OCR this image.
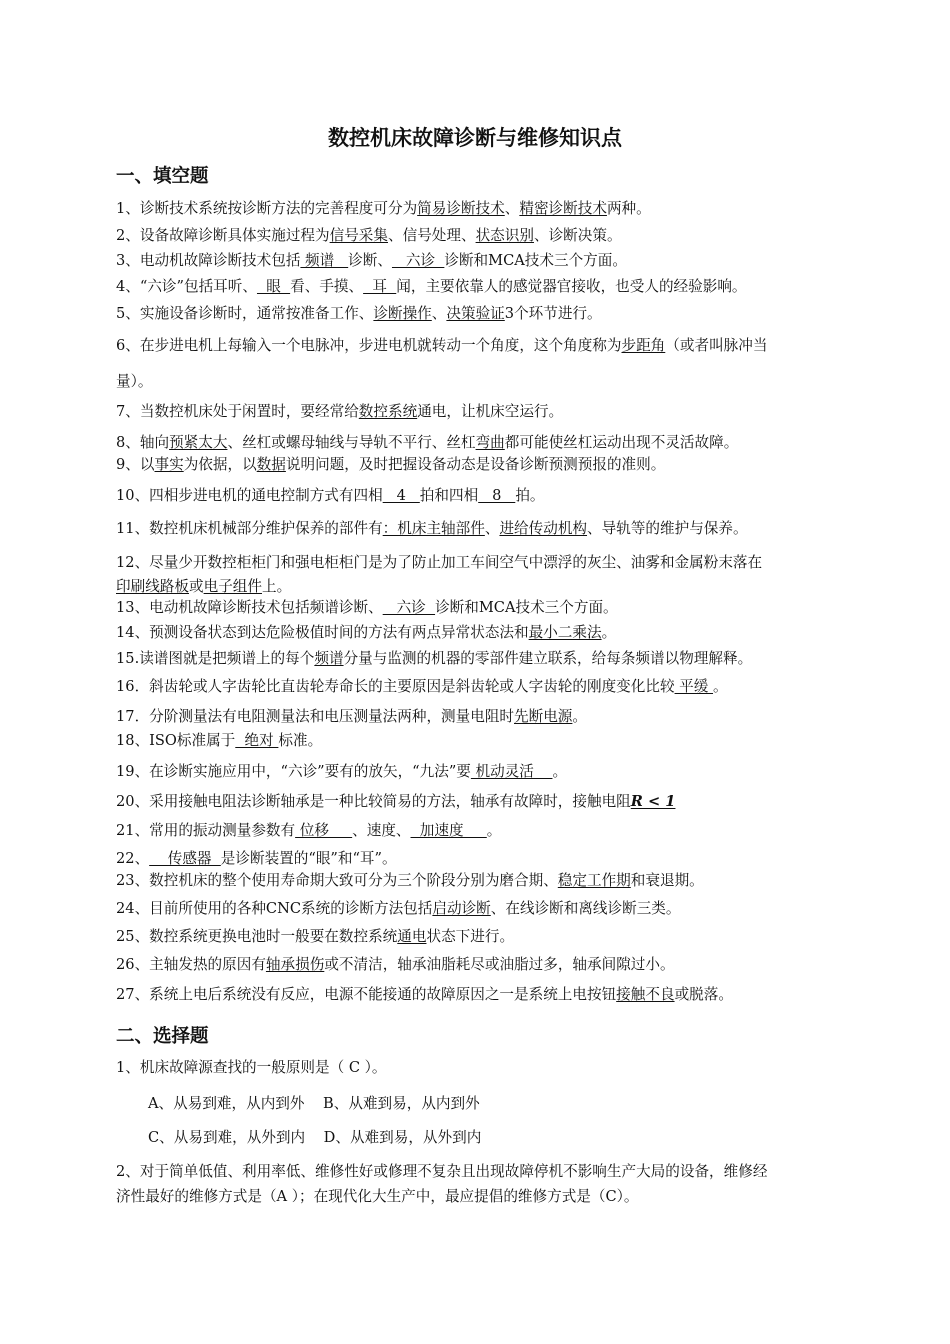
数控机床故障诊断与维修知识点
一、填空题
1、诊断技术系统按诊断方法的完善程度可分为简易诊断技术、精密诊断技术两种。
2、设备故障诊断具体实施过程为信号采集、信号处理、状态识别、诊断决策。
3、电动机故障诊断技术包括 频谱   诊断、   六诊  诊断和MCA技术三个方面。
4、“六诊”包括耳听、  眼  看、手摸、  耳  闻，主要依靠人的感觉器官接收，也受人的经验影响。
5、实施设备诊断时，通常按准备工作、诊断操作、决策验证3个环节进行。
6、在步进电机上每输入一个电脉冲，步进电机就转动一个角度，这个角度称为步距角（或者叫脉冲当
量）。
7、当数控机床处于闲置时，要经常给数控系统通电，让机床空运行。
8、轴向预紧太大、丝杠或螺母轴线与导轨不平行、丝杠弯曲都可能使丝杠运动出现不灵活故障。
9、以事实为依据，以数据说明问题，及时把握设备动态是设备诊断预测预报的准则。
10、四相步进电机的通电控制方式有四相   4   拍和四相   8   拍。
11、数控机床机械部分维护保养的部件有：机床主轴部件、进给传动机构、导轨等的维护与保养。
12、尽量少开数控柜柜门和强电柜柜门是为了防止加工车间空气中漂浮的灰尘、油雾和金属粉末落在
印刷线路板或电子组件上。
13、电动机故障诊断技术包括频谱诊断、   六诊  诊断和MCA技术三个方面。
14、预测设备状态到达危险极值时间的方法有两点异常状态法和最小二乘法。
15.读谱图就是把频谱上的每个频谱分量与监测的机器的零部件建立联系，给每条频谱以物理解释。
16．斜齿轮或人字齿轮比直齿轮寿命长的主要原因是斜齿轮或人字齿轮的刚度变化比较 平缓 。
17．分阶测量法有电阻测量法和电压测量法两种，测量电阻时先断电源。
18、ISO标准属于  绝对 标准。
19、在诊断实施应用中，“六诊”要有的放矢，“九法”要 机动灵活    。
20、采用接触电阻法诊断轴承是一种比较简易的方法，轴承有故障时，接触电阻R < 1
21、常用的振动测量参数有 位移     、速度、  加速度     。
22、    传感器  是诊断装置的“眼”和“耳”。
23、数控机床的整个使用寿命期大致可分为三个阶段分别为磨合期、稳定工作期和衰退期。
24、目前所使用的各种CNC系统的诊断方法包括启动诊断、在线诊断和离线诊断三类。
25、数控系统更换电池时一般要在数控系统通电状态下进行。
26、主轴发热的原因有轴承损伤或不清洁，轴承油脂耗尽或油脂过多，轴承间隙过小。
27、系统上电后系统没有反应，电源不能接通的故障原因之一是系统上电按钮接触不良或脱落。
二、选择题
1、机床故障源查找的一般原则是（ C ）。
A、从易到难，从内到外    B、从难到易，从内到外
C、从易到难，从外到内    D、从难到易，从外到内
2、对于简单低值、利用率低、维修性好或修理不复杂且出现故障停机不影响生产大局的设备，维修经
济性最好的维修方式是（A ）；在现代化大生产中，最应提倡的维修方式是（C）。
